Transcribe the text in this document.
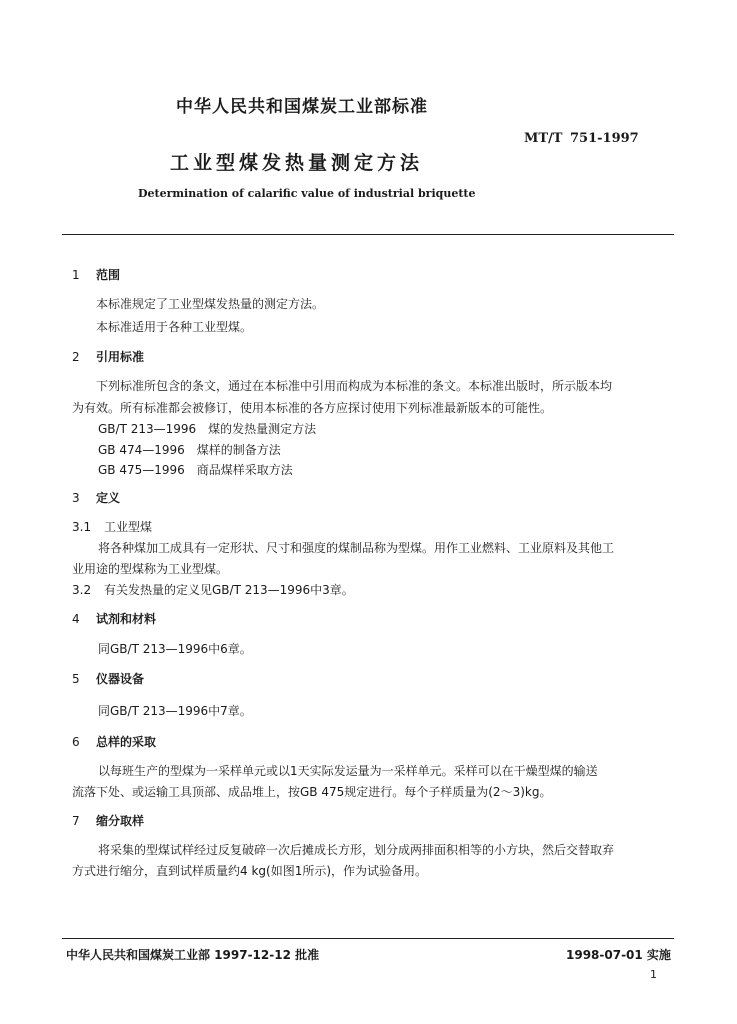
中华人民共和国煤炭工业部标准
MT/T 751-1997
工业型煤发热量测定方法
Determination of calarific value of industrial briquette
1 范围
本标准规定了工业型煤发热量的测定方法。
本标准适用于各种工业型煤。
2 引用标准
下列标准所包含的条文，通过在本标准中引用而构成为本标准的条文。本标准出版时，所示版本均
为有效。所有标准都会被修订，使用本标准的各方应探讨使用下列标准最新版本的可能性。
GB/T 213—1996　煤的发热量测定方法
GB 474—1996　煤样的制备方法
GB 475—1996　商品煤样采取方法
3 定义
3.1 工业型煤
将各种煤加工成具有一定形状、尺寸和强度的煤制品称为型煤。用作工业燃料、工业原料及其他工
业用途的型煤称为工业型煤。
3.2 有关发热量的定义见GB/T 213—1996中3章。
4 试剂和材料
同GB/T 213—1996中6章。
5 仪器设备
同GB/T 213—1996中7章。
6 总样的采取
以每班生产的型煤为一采样单元或以1天实际发运量为一采样单元。采样可以在干燥型煤的输送
流落下处、或运输工具顶部、成品堆上，按GB 475规定进行。每个子样质量为(2～3)kg。
7 缩分取样
将采集的型煤试样经过反复破碎一次后摊成长方形，划分成两排面积相等的小方块，然后交替取弃
方式进行缩分，直到试样质量约4 kg(如图1所示)，作为试验备用。
中华人民共和国煤炭工业部 1997-12-12 批准	1998-07-01 实施
1
